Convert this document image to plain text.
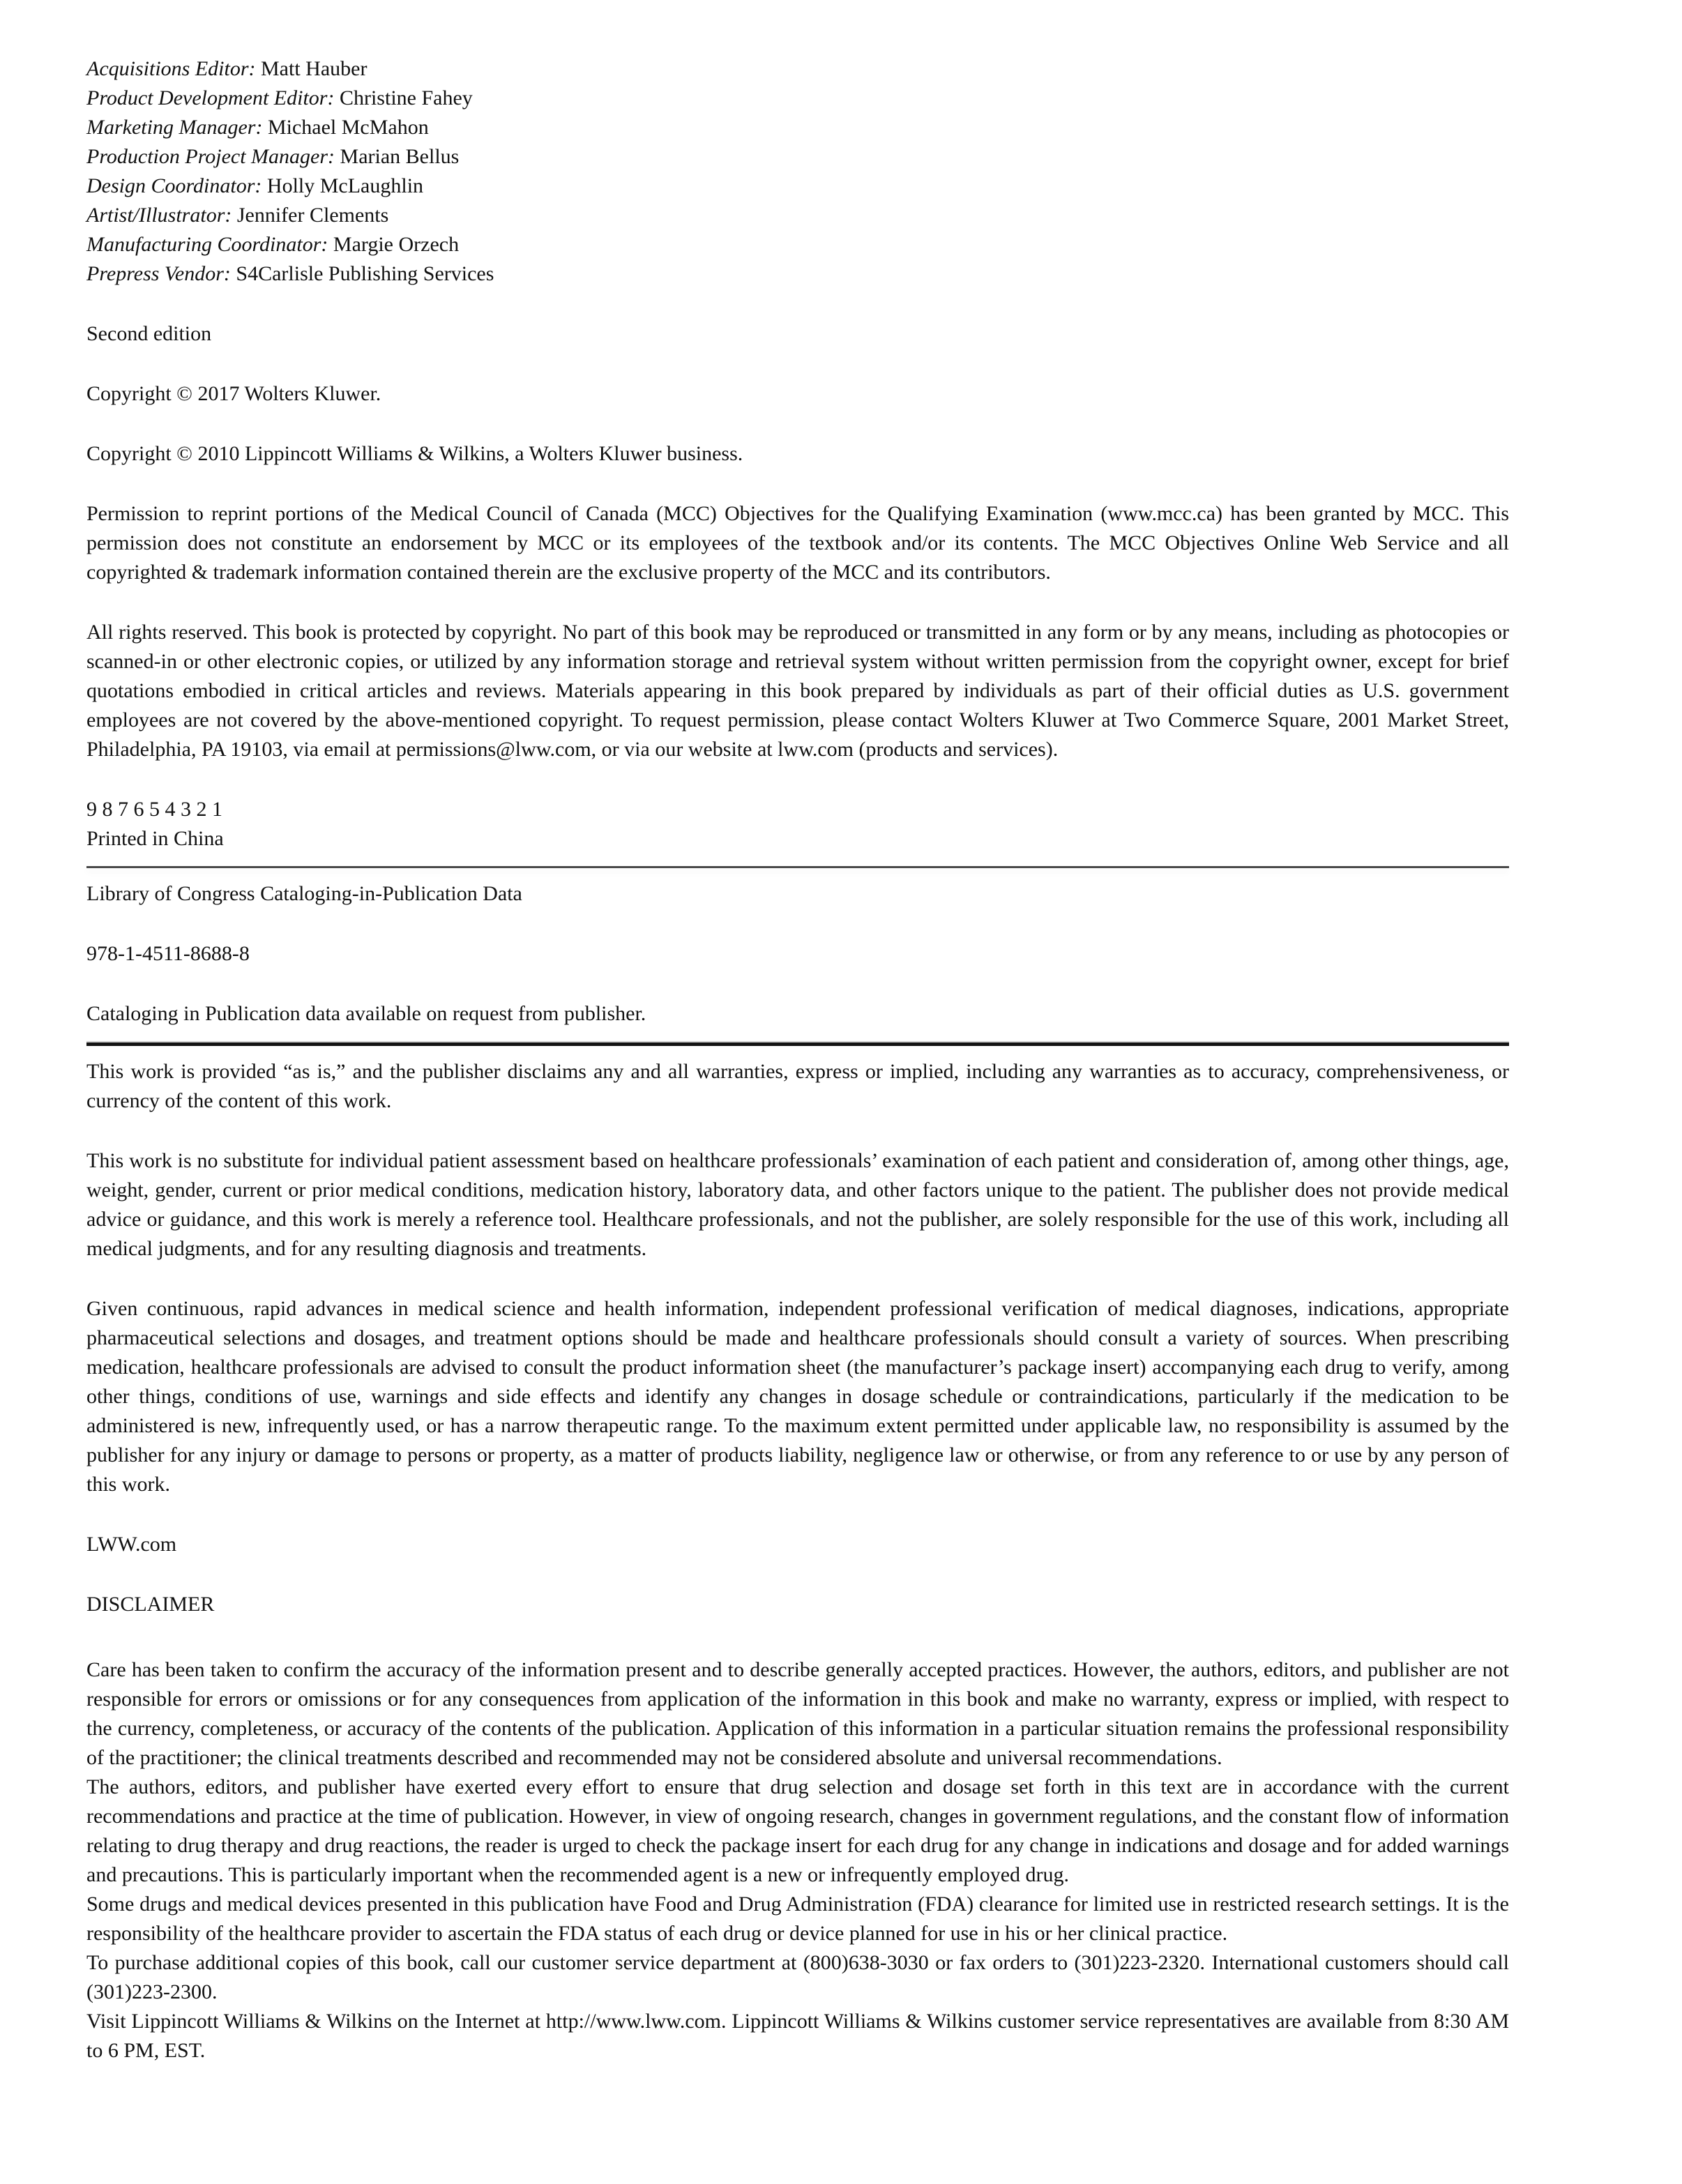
Acquisitions Editor: Matt Hauber

Product Development Editor: Christine Fahey

Marketing Manager: Michael McMahon

Production Project Manager: Marian Bellus

Design Coordinator: Holly McLaughlin

Artist/Illustrator: Jennifer Clements

Manufacturing Coordinator: Margie Orzech

Prepress Vendor: S4Carlisle Publishing Services

Second edition

Copyright © 2017 Wolters Kluwer.

Copyright © 2010 Lippincott Williams & Wilkins, a Wolters Kluwer business.

Permission to reprint portions of the Medical Council of Canada (MCC) Objectives for the Qualifying Examination (www.mcc.ca) has been granted by MCC. This permission does not constitute an endorsement by MCC or its employees of the textbook and/or its contents. The MCC Objectives Online Web Service and all copyrighted & trademark information contained therein are the exclusive property of the MCC and its contributors.

All rights reserved. This book is protected by copyright. No part of this book may be reproduced or transmitted in any form or by any means, including as photocopies or scanned-in or other electronic copies, or utilized by any information storage and retrieval system without written permission from the copyright owner, except for brief quotations embodied in critical articles and reviews. Materials appearing in this book prepared by individuals as part of their official duties as U.S. government employees are not covered by the above-mentioned copyright. To request permission, please contact Wolters Kluwer at Two Commerce Square, 2001 Market Street, Philadelphia, PA 19103, via email at permissions@lww.com, or via our website at lww.com (products and services).

9 8 7 6 5 4 3 2 1

Printed in China

Library of Congress Cataloging-in-Publication Data

978-1-4511-8688-8

Cataloging in Publication data available on request from publisher.

This work is provided “as is,” and the publisher disclaims any and all warranties, express or implied, including any warranties as to accuracy, comprehensiveness, or currency of the content of this work.

This work is no substitute for individual patient assessment based on healthcare professionals’ examination of each patient and consideration of, among other things, age, weight, gender, current or prior medical conditions, medication history, laboratory data, and other factors unique to the patient. The publisher does not provide medical advice or guidance, and this work is merely a reference tool. Healthcare professionals, and not the publisher, are solely responsible for the use of this work, including all medical judgments, and for any resulting diagnosis and treatments.

Given continuous, rapid advances in medical science and health information, independent professional verification of medical diagnoses, indications, appropriate pharmaceutical selections and dosages, and treatment options should be made and healthcare professionals should consult a variety of sources. When prescribing medication, healthcare professionals are advised to consult the product information sheet (the manufacturer’s package insert) accompanying each drug to verify, among other things, conditions of use, warnings and side effects and identify any changes in dosage schedule or contraindications, particularly if the medication to be administered is new, infrequently used, or has a narrow therapeutic range. To the maximum extent permitted under applicable law, no responsibility is assumed by the publisher for any injury or damage to persons or property, as a matter of products liability, negligence law or otherwise, or from any reference to or use by any person of this work.

LWW.com

DISCLAIMER

Care has been taken to confirm the accuracy of the information present and to describe generally accepted practices. However, the authors, editors, and publisher are not responsible for errors or omissions or for any consequences from application of the information in this book and make no warranty, express or implied, with respect to the currency, completeness, or accuracy of the contents of the publication. Application of this information in a particular situation remains the professional responsibility of the practitioner; the clinical treatments described and recommended may not be considered absolute and universal recommendations.

The authors, editors, and publisher have exerted every effort to ensure that drug selection and dosage set forth in this text are in accordance with the current recommendations and practice at the time of publication. However, in view of ongoing research, changes in government regulations, and the constant flow of information relating to drug therapy and drug reactions, the reader is urged to check the package insert for each drug for any change in indications and dosage and for added warnings and precautions. This is particularly important when the recommended agent is a new or infrequently employed drug.

Some drugs and medical devices presented in this publication have Food and Drug Administration (FDA) clearance for limited use in restricted research settings. It is the responsibility of the healthcare provider to ascertain the FDA status of each drug or device planned for use in his or her clinical practice.

To purchase additional copies of this book, call our customer service department at (800)638-3030 or fax orders to (301)223-2320. International customers should call (301)223-2300.

Visit Lippincott Williams & Wilkins on the Internet at http://www.lww.com. Lippincott Williams & Wilkins customer service representatives are available from 8:30 AM to 6 PM, EST.
